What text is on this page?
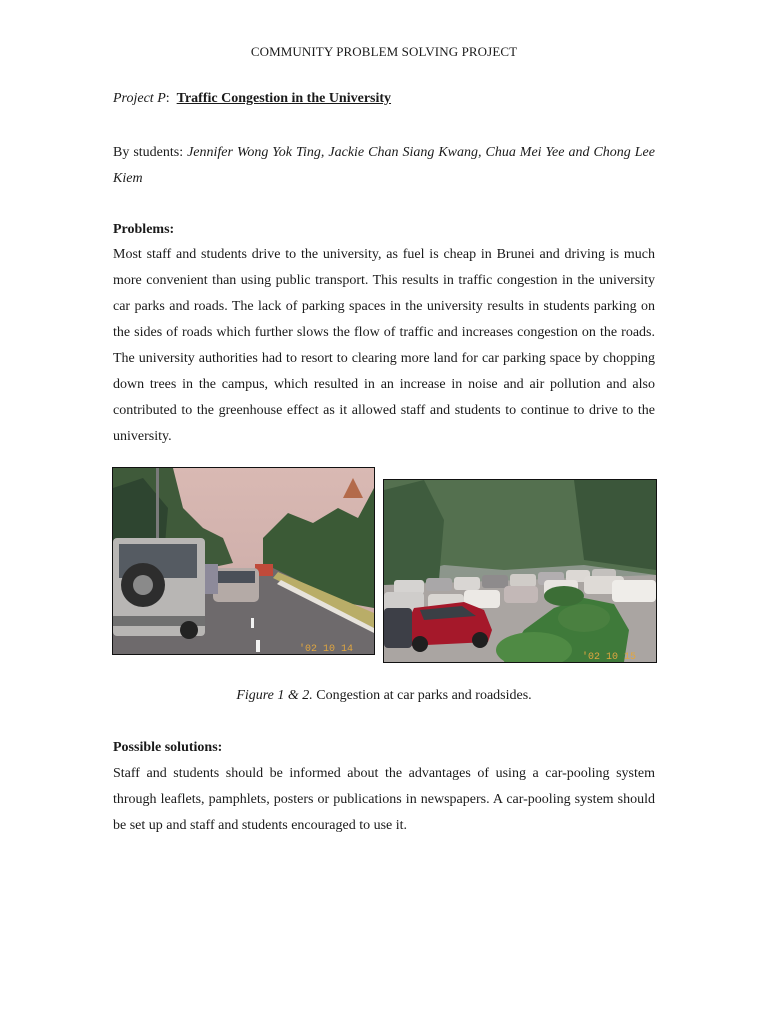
COMMUNITY PROBLEM SOLVING PROJECT
Project P: Traffic Congestion in the University
By students: Jennifer Wong Yok Ting, Jackie Chan Siang Kwang, Chua Mei Yee and Chong Lee Kiem
Problems:

Most staff and students drive to the university, as fuel is cheap in Brunei and driving is much more convenient than using public transport. This results in traffic congestion in the university car parks and roads. The lack of parking spaces in the university results in students parking on the sides of roads which further slows the flow of traffic and increases congestion on the roads. The university authorities had to resort to clearing more land for car parking space by chopping down trees in the campus, which resulted in an increase in noise and air pollution and also contributed to the greenhouse effect as it allowed staff and students to continue to drive to the university.

'02 10 14
'02 10 15
Figure 1 & 2. Congestion at car parks and roadsides.
Possible solutions:

Staff and students should be informed about the advantages of using a car-pooling system through leaflets, pamphlets, posters or publications in newspapers. A car-pooling system should be set up and staff and students encouraged to use it.
